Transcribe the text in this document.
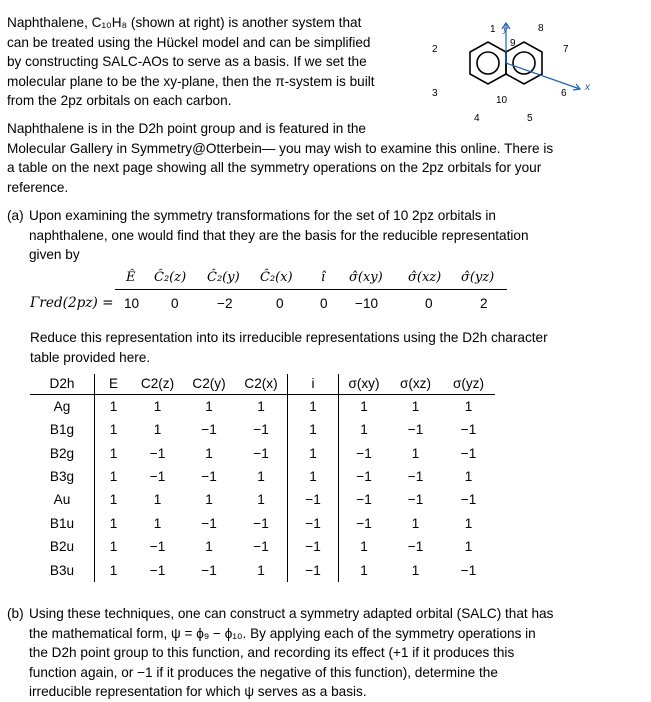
Naphthalene, C₁₀H₈ (shown at right) is another system that
can be treated using the Hückel model and can be simplified
by constructing SALC-AOs to serve as a basis. If we set the
molecular plane to be the xy-plane, then the π-system is built
from the 2pz orbitals on each carbon.
1
2
3
4	5
6
7
8
9
10
y
x
Naphthalene is in the D2h point group and is featured in the
Molecular Gallery in Symmetry@Otterbein— you may wish to examine this online. There is
a table on the next page showing all the symmetry operations on the 2pz orbitals for your
reference.
(a) Upon examining the symmetry transformations for the set of 10 2pz orbitals in
naphthalene, one would find that they are the basis for the reducible representation
given by
Ê Ĉ₂(z) Ĉ₂(y) Ĉ₂(x) î σ̂(xy) σ̂(xz) σ̂(yz)
Γred(2pz) = 10 0	−2	0	0 −10	0	2
Reduce this representation into its irreducible representations using the D2h character
table provided here.
D2h	E	C2(z)	C2(y)	C2(x)	i	σ(xy)	σ(xz)	σ(yz)
Ag	1	1	1	1	1	1	1	1
B1g	1	1	−1	−1	1	1	−1	−1
B2g	1	−1	1	−1	1	−1	1	−1
B3g	1	−1	−1	1	1	−1	−1	1
Au	1	1	1	1	−1	−1	−1	−1
B1u	1	1	−1	−1	−1	−1	1	1
B2u	1	−1	1	−1	−1	1	−1	1
B3u	1	−1	−1	1	−1	1	1	−1
(b) Using these techniques, one can construct a symmetry adapted orbital (SALC) that has
the mathematical form, ψ = ϕ₉ − ϕ₁₀. By applying each of the symmetry operations in
the D2h point group to this function, and recording its effect (+1 if it produces this
function again, or −1 if it produces the negative of this function), determine the
irreducible representation for which ψ serves as a basis.
